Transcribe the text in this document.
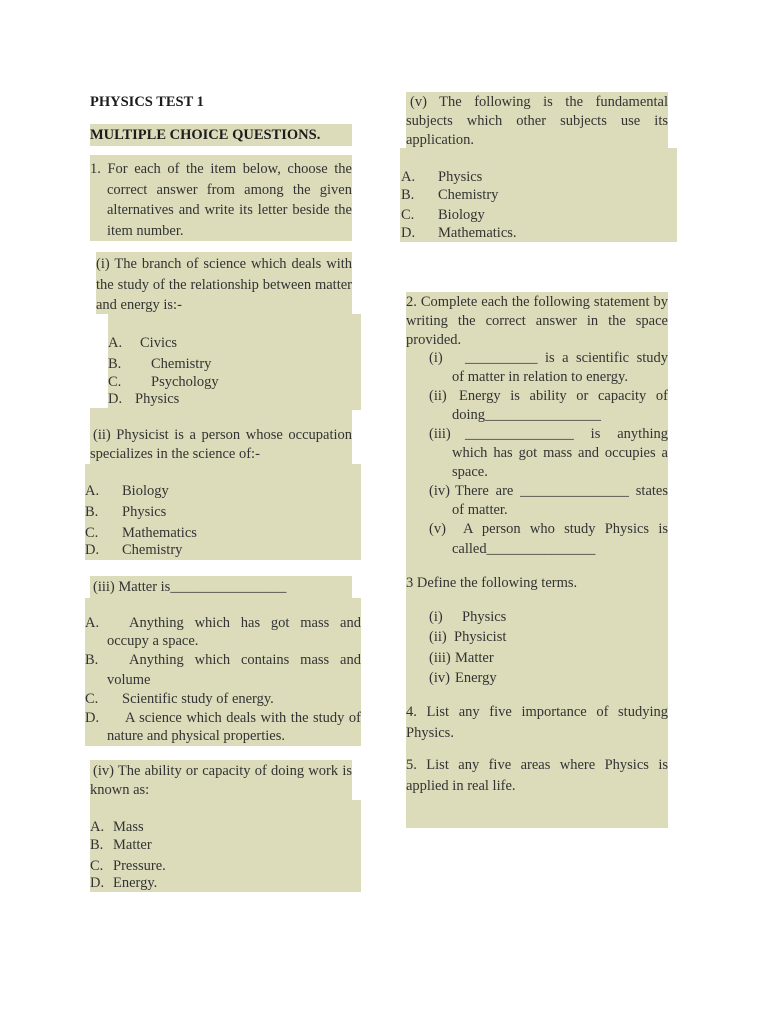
PHYSICS TEST 1
MULTIPLE CHOICE QUESTIONS.
1. For each of the item below, choose the correct answer from among the given alternatives and write its letter beside the item number.
(i) The branch of science which deals with the study of the relationship between matter and energy is:-
A. Civics
B. Chemistry
C. Psychology
D. Physics
(ii) Physicist is a person whose occupation specializes in the science of:-
A. Biology
B. Physics
C. Mathematics
D. Chemistry
(iii) Matter is________________
A.	Anything which has got mass and occupy a space.
B.	Anything which contains mass and volume
C. Scientific study of energy.
D.	A science which deals with the study of nature and physical properties.
(iv) The ability or capacity of doing work is known as:
A. Mass
B. Matter
C. Pressure.
D. Energy.
(v) The following is the fundamental subjects which other subjects use its application.
A. Physics
B. Chemistry
C. Biology
D. Mathematics.
2. Complete each the following statement by writing the correct answer in the space provided.
(i)	__________ is a scientific study of matter in relation to energy.
(ii) Energy is ability or capacity of doing________________
(iii) _______________ is anything which has got mass and occupies a space.
(iv) There are _______________ states of matter.
(v)	A person who study Physics is called_______________
3 Define the following terms.
(i) Physics
(ii) Physicist
(iii) Matter
(iv) Energy
4. List any five importance of studying Physics.
5. List any five areas where Physics is applied in real life.
